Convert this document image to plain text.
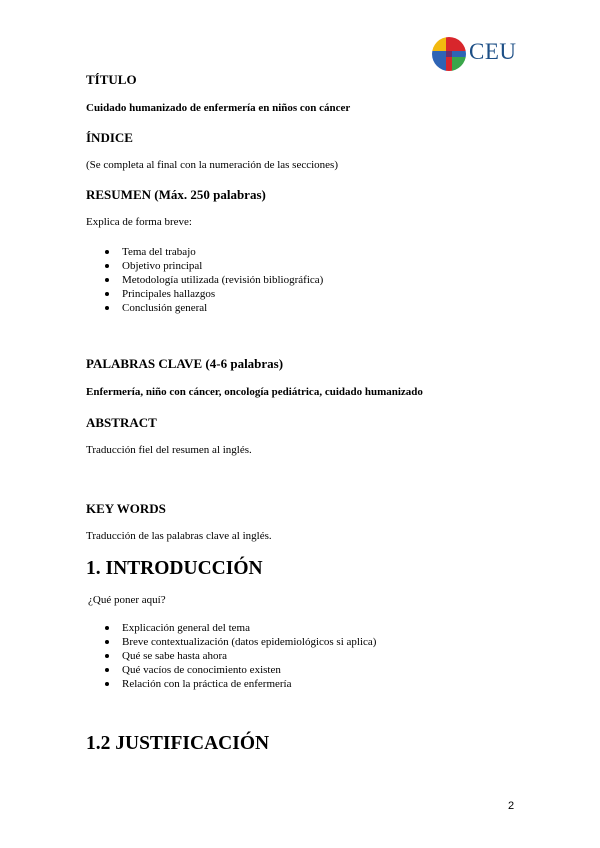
CEU
TÍTULO
Cuidado humanizado de enfermería en niños con cáncer
ÍNDICE
(Se completa al final con la numeración de las secciones)
RESUMEN (Máx. 250 palabras)
Explica de forma breve:
Tema del trabajo
Objetivo principal
Metodología utilizada (revisión bibliográfica)
Principales hallazgos
Conclusión general
PALABRAS CLAVE (4-6 palabras)
Enfermería, niño con cáncer, oncología pediátrica, cuidado humanizado
ABSTRACT
Traducción fiel del resumen al inglés.
KEY WORDS
Traducción de las palabras clave al inglés.
1. INTRODUCCIÓN
¿Qué poner aquí?
Explicación general del tema
Breve contextualización (datos epidemiológicos si aplica)
Qué se sabe hasta ahora
Qué vacíos de conocimiento existen
Relación con la práctica de enfermería
1.2 JUSTIFICACIÓN
2
